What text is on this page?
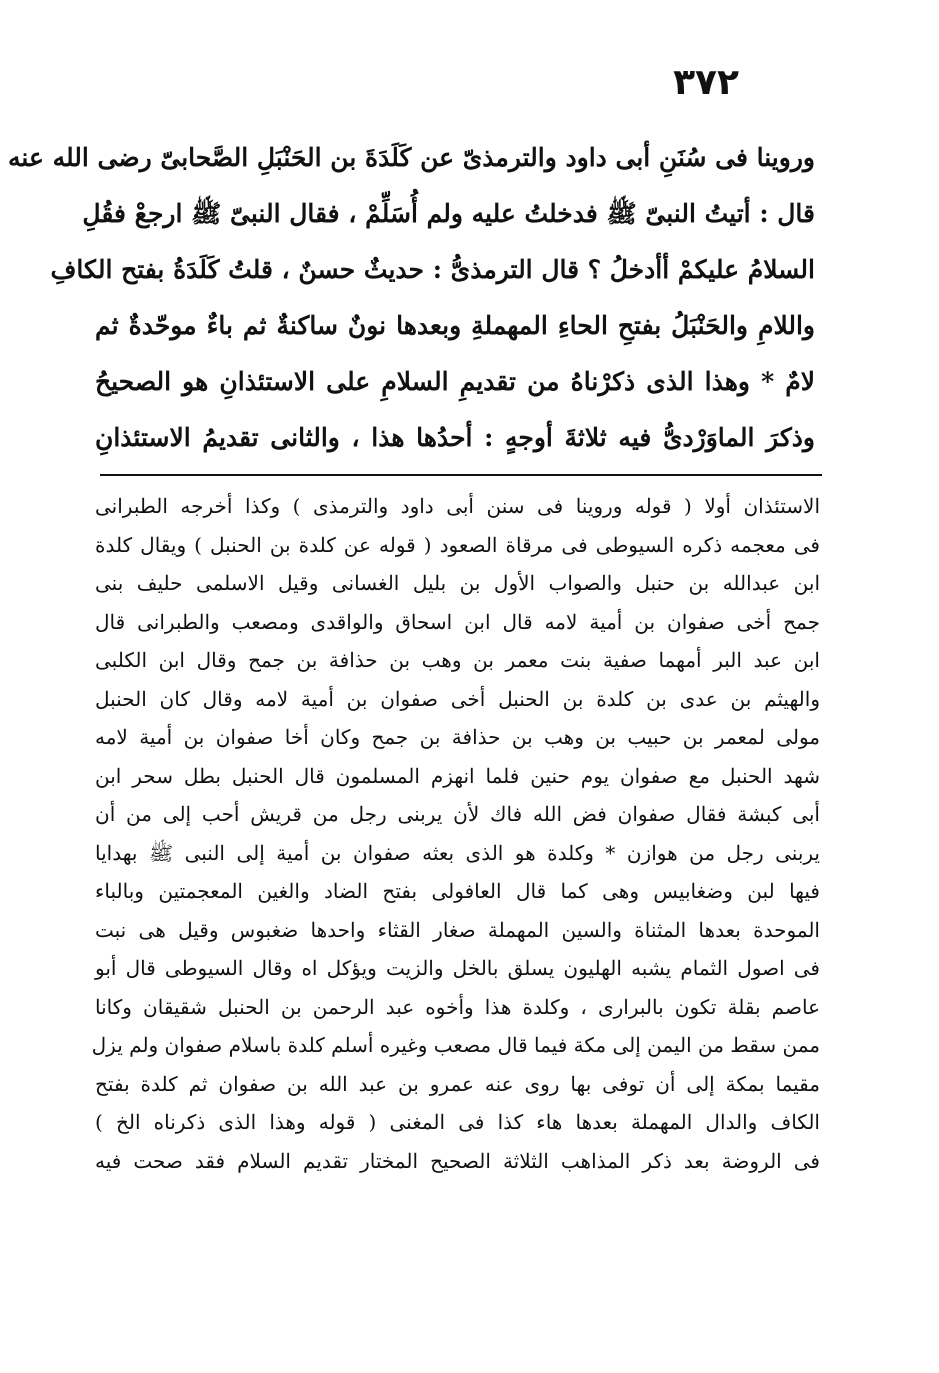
٣٧٢
وروينا فى سُنَنِ أبى داود والترمذىّ عن كَلَدَةَ بن الحَنْبَلِ الصَّحابىّ رضى الله عنه
قال : أتيتُ النبىّ ﷺ فدخلتُ عليه ولم أُسَلِّمْ ، فقال النبىّ ﷺ ارجعْ فقُلِ
السلامُ عليكمْ أأدخلُ ؟ قال الترمذىُّ : حديثٌ حسنٌ ، قلتُ كَلَدَةُ بفتح الكافِ
واللامِ والحَنْبَلُ بفتحِ الحاءِ المهملةِ وبعدها نونٌ ساكنةٌ ثم باءٌ موحّدةٌ ثم
لامٌ * وهذا الذى ذكرْناهُ من تقديمِ السلامِ على الاستئذانِ هو الصحيحُ
وذكرَ الماوَرْدىُّ فيه ثلاثةَ أوجهٍ : أحدُها هذا ، والثانى تقديمُ الاستئذانِ
الاستئذان أولا ( قوله وروينا فى سنن أبى داود والترمذى ) وكذا أخرجه الطبرانى
فى معجمه ذكره السيوطى فى مرقاة الصعود ( قوله عن كلدة بن الحنبل ) ويقال كلدة
ابن عبدالله بن حنبل والصواب الأول بن بليل الغسانى وقيل الاسلمى حليف بنى
جمح أخى صفوان بن أمية لامه قال ابن اسحاق والواقدى ومصعب والطبرانى قال
ابن عبد البر أمهما صفية بنت معمر بن وهب بن حذافة بن جمح وقال ابن الكلبى
والهيثم بن عدى بن كلدة بن الحنبل أخى صفوان بن أمية لامه وقال كان الحنبل
مولى لمعمر بن حبيب بن وهب بن حذافة بن جمح وكان أخا صفوان بن أمية لامه
شهد الحنبل مع صفوان يوم حنين فلما انهزم المسلمون قال الحنبل بطل سحر ابن
أبى كبشة فقال صفوان فض الله فاك لأن يربنى رجل من قريش أحب إلى من أن
يربنى رجل من هوازن * وكلدة هو الذى بعثه صفوان بن أمية إلى النبى ﷺ بهدايا
فيها لبن وضغابيس وهى كما قال العافولى بفتح الضاد والغين المعجمتين وبالباء
الموحدة بعدها المثناة والسين المهملة صغار القثاء واحدها ضغبوس وقيل هى نبت
فى اصول الثمام يشبه الهليون يسلق بالخل والزيت ويؤكل اه وقال السيوطى قال أبو
عاصم بقلة تكون بالبرارى ، وكلدة هذا وأخوه عبد الرحمن بن الحنبل شقيقان وكانا
ممن سقط من اليمن إلى مكة فيما قال مصعب وغيره أسلم كلدة باسلام صفوان ولم يزل
مقيما بمكة إلى أن توفى بها روى عنه عمرو بن عبد الله بن صفوان ثم كلدة بفتح
الكاف والدال المهملة بعدها هاء كذا فى المغنى ( قوله وهذا الذى ذكرناه الخ )
فى الروضة بعد ذكر المذاهب الثلاثة الصحيح المختار تقديم السلام فقد صحت فيه
